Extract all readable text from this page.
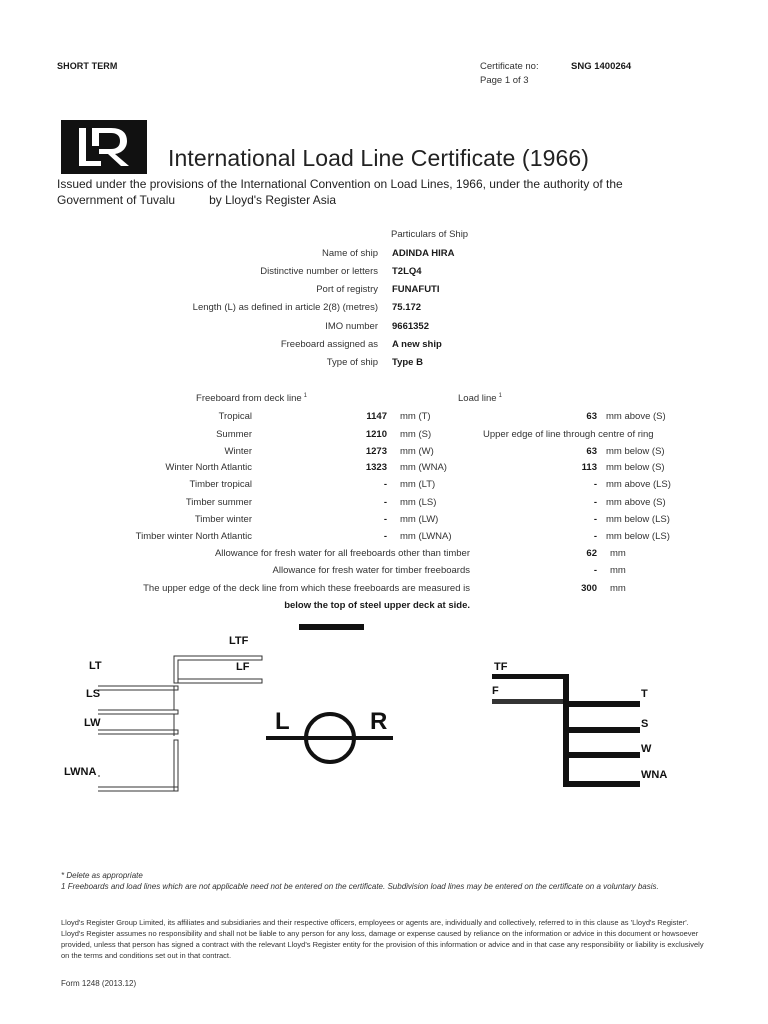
SHORT TERM	Certificate no:	SNG 1400264
Page 1 of 3
International Load Line Certificate (1966)
Issued under the provisions of the International Convention on Load Lines, 1966, under the authority of the
Government of Tuvalu	by Lloyd's Register Asia
Particulars of Ship
Name of ship ADINDA HIRA
Distinctive number or letters T2LQ4
Port of registry FUNAFUTI
Length (L) as defined in article 2(8) (metres) 75.172
IMO number 9661352
Freeboard assigned as A new ship
Type of ship Type B
Freeboard from deck line $^1$	Load line $^1$
Tropical	1147 mm (T)	63 mm above (S)
Summer	1210 mm (S)	Upper edge of line through centre of ring
Winter	1273 mm (W)	63 mm below (S)
Winter North Atlantic	1323 mm (WNA)	113 mm below (S)
Timber tropical	- mm (LT)	- mm above (LS)
Timber summer	- mm (LS)	- mm above (S)
Timber winter	- mm (LW)	- mm below (LS)
Timber winter North Atlantic	- mm (LWNA)	- mm below (LS)
Allowance for fresh water for all freeboards other than timber	62 mm
Allowance for fresh water for timber freeboards	- mm
The upper edge of the deck line from which these freeboards are measured is	300 mm
below the top of steel upper deck at side.
LTF
LT	LF
LS
LW
LWNA
L	R
TF
F	T
S
W
WNA
* Delete as appropriate
1 Freeboards and load lines which are not applicable need not be entered on the certificate. Subdivision load lines may be entered on the certificate on a voluntary basis.
Lloyd's Register Group Limited, its affiliates and subsidiaries and their respective officers, employees or agents are, individually and collectively, referred to in this clause as 'Lloyd's Register'. Lloyd's Register assumes no responsibility and shall not be liable to any person for any loss, damage or expense caused by reliance on the information or advice in this document or howsoever provided, unless that person has signed a contract with the relevant Lloyd's Register entity for the provision of this information or advice and in that case any responsibility or liability is exclusively on the terms and conditions set out in that contract.
Form 1248 (2013.12)
